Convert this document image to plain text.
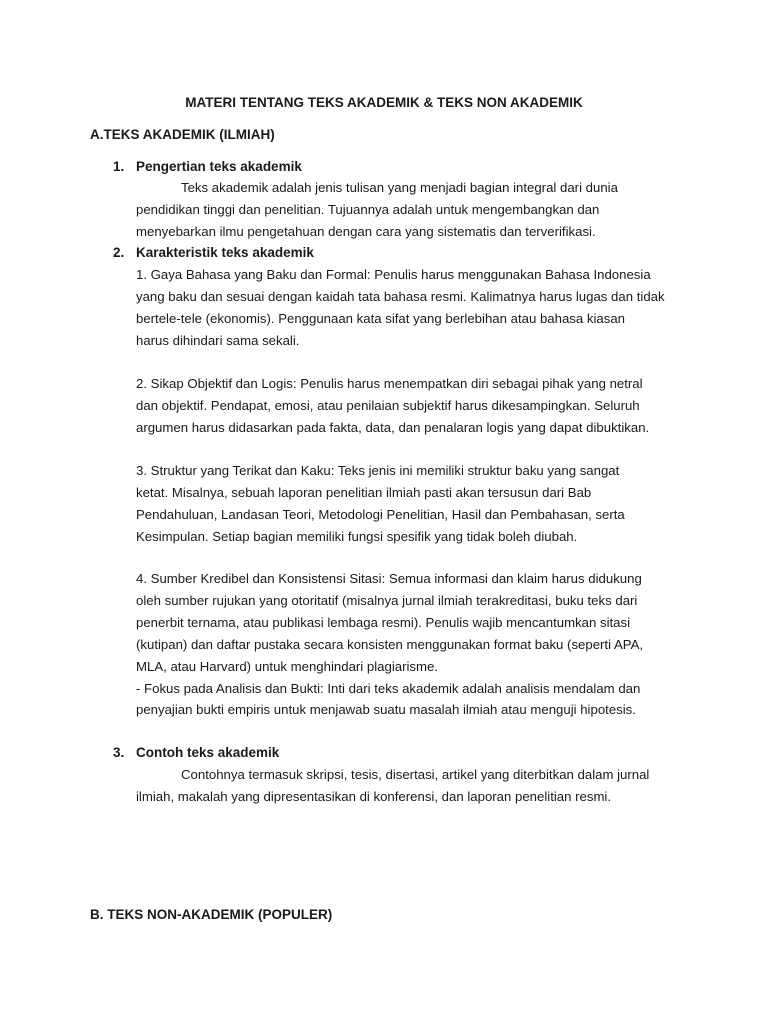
MATERI TENTANG TEKS AKADEMIK & TEKS NON AKADEMIK
A.TEKS AKADEMIK (ILMIAH)
1. Pengertian teks akademik
Teks akademik adalah jenis tulisan yang menjadi bagian integral dari dunia
pendidikan tinggi dan penelitian. Tujuannya adalah untuk mengembangkan dan
menyebarkan ilmu pengetahuan dengan cara yang sistematis dan terverifikasi.
2. Karakteristik teks akademik
1. Gaya Bahasa yang Baku dan Formal: Penulis harus menggunakan Bahasa Indonesia
yang baku dan sesuai dengan kaidah tata bahasa resmi. Kalimatnya harus lugas dan tidak
bertele-tele (ekonomis). Penggunaan kata sifat yang berlebihan atau bahasa kiasan
harus dihindari sama sekali.
2. Sikap Objektif dan Logis: Penulis harus menempatkan diri sebagai pihak yang netral
dan objektif. Pendapat, emosi, atau penilaian subjektif harus dikesampingkan. Seluruh
argumen harus didasarkan pada fakta, data, dan penalaran logis yang dapat dibuktikan.
3. Struktur yang Terikat dan Kaku: Teks jenis ini memiliki struktur baku yang sangat
ketat. Misalnya, sebuah laporan penelitian ilmiah pasti akan tersusun dari Bab
Pendahuluan, Landasan Teori, Metodologi Penelitian, Hasil dan Pembahasan, serta
Kesimpulan. Setiap bagian memiliki fungsi spesifik yang tidak boleh diubah.
4. Sumber Kredibel dan Konsistensi Sitasi: Semua informasi dan klaim harus didukung
oleh sumber rujukan yang otoritatif (misalnya jurnal ilmiah terakreditasi, buku teks dari
penerbit ternama, atau publikasi lembaga resmi). Penulis wajib mencantumkan sitasi
(kutipan) dan daftar pustaka secara konsisten menggunakan format baku (seperti APA,
MLA, atau Harvard) untuk menghindari plagiarisme.
- Fokus pada Analisis dan Bukti: Inti dari teks akademik adalah analisis mendalam dan
penyajian bukti empiris untuk menjawab suatu masalah ilmiah atau menguji hipotesis.
3. Contoh teks akademik
Contohnya termasuk skripsi, tesis, disertasi, artikel yang diterbitkan dalam jurnal
ilmiah, makalah yang dipresentasikan di konferensi, dan laporan penelitian resmi.
B. TEKS NON-AKADEMIK (POPULER)
